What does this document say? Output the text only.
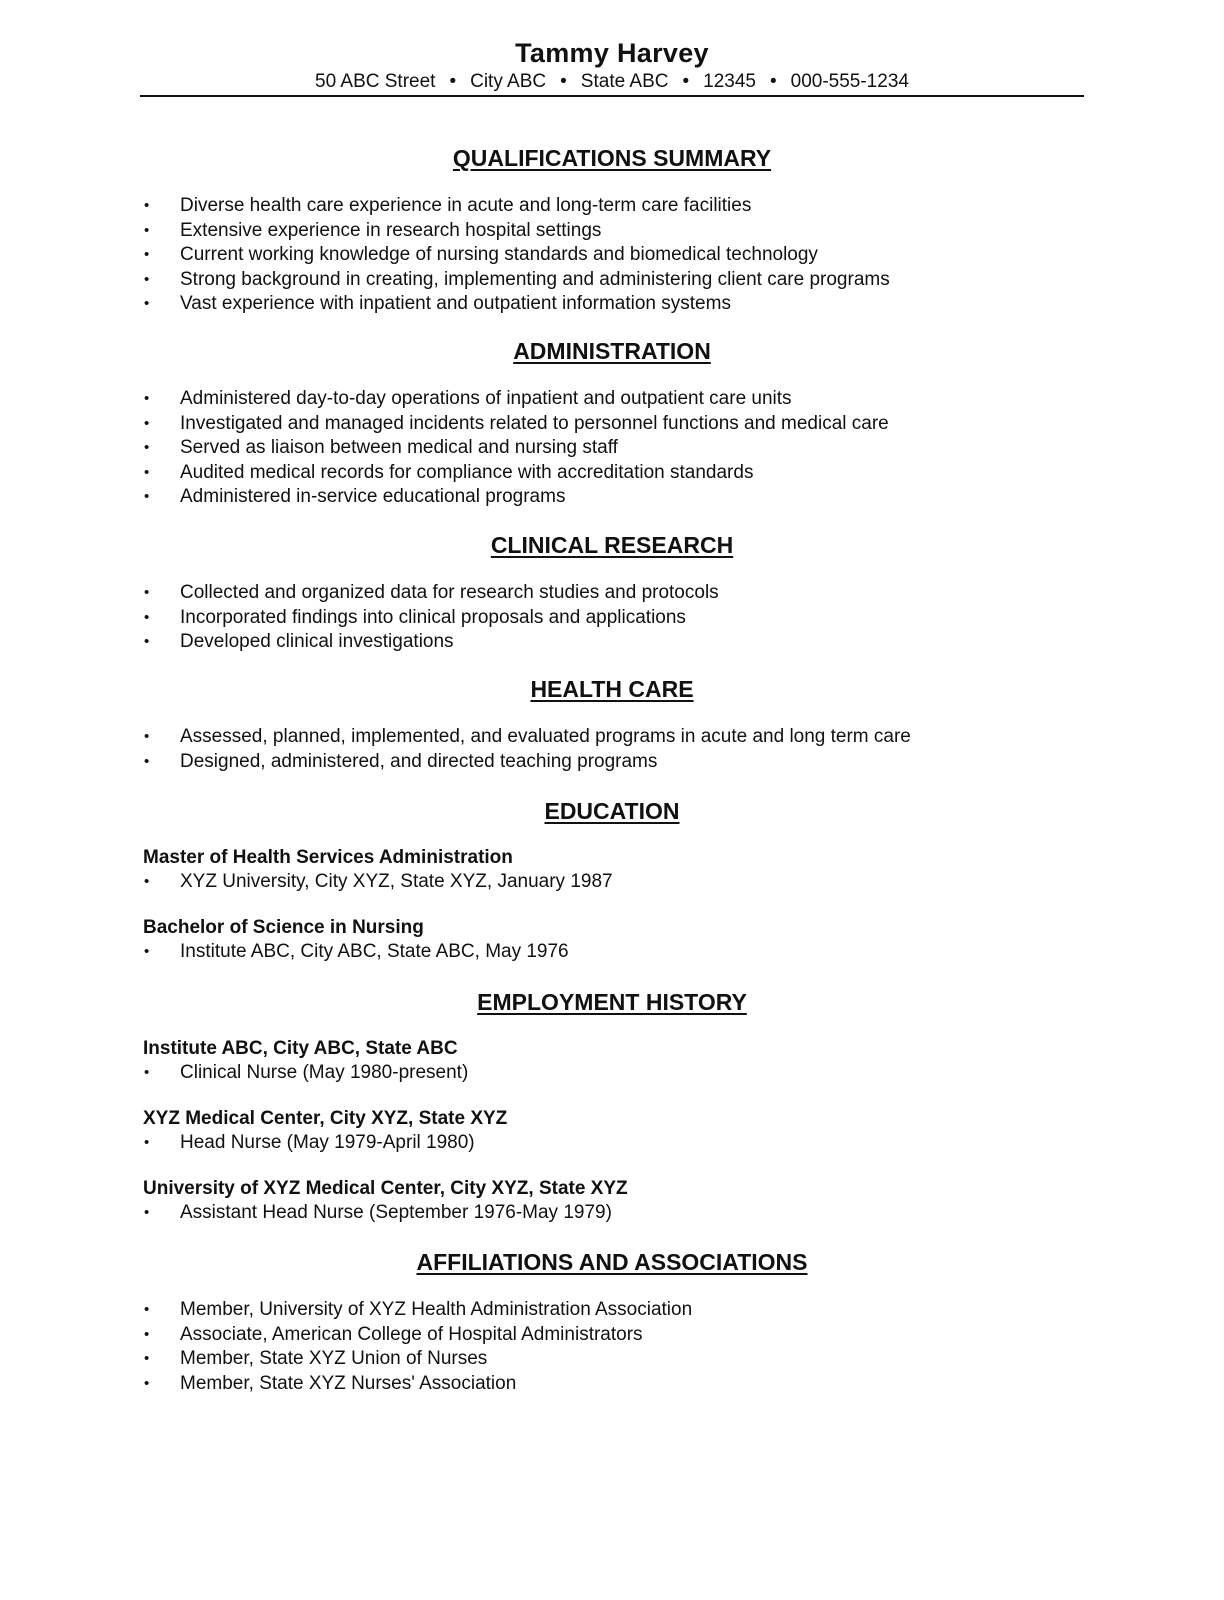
Tammy Harvey
50 ABC Street • City ABC • State ABC • 12345 • 000-555-1234
QUALIFICATIONS SUMMARY
• Diverse health care experience in acute and long-term care facilities
• Extensive experience in research hospital settings
• Current working knowledge of nursing standards and biomedical technology
• Strong background in creating, implementing and administering client care programs
• Vast experience with inpatient and outpatient information systems
ADMINISTRATION
• Administered day-to-day operations of inpatient and outpatient care units
• Investigated and managed incidents related to personnel functions and medical care
• Served as liaison between medical and nursing staff
• Audited medical records for compliance with accreditation standards
• Administered in-service educational programs
CLINICAL RESEARCH
• Collected and organized data for research studies and protocols
• Incorporated findings into clinical proposals and applications
• Developed clinical investigations
HEALTH CARE
• Assessed, planned, implemented, and evaluated programs in acute and long term care
• Designed, administered, and directed teaching programs
EDUCATION
Master of Health Services Administration
• XYZ University, City XYZ, State XYZ, January 1987
Bachelor of Science in Nursing
• Institute ABC, City ABC, State ABC, May 1976
EMPLOYMENT HISTORY
Institute ABC, City ABC, State ABC
• Clinical Nurse (May 1980-present)
XYZ Medical Center, City XYZ, State XYZ
• Head Nurse (May 1979-April 1980)
University of XYZ Medical Center, City XYZ, State XYZ
• Assistant Head Nurse (September 1976-May 1979)
AFFILIATIONS AND ASSOCIATIONS
• Member, University of XYZ Health Administration Association
• Associate, American College of Hospital Administrators
• Member, State XYZ Union of Nurses
• Member, State XYZ Nurses' Association
